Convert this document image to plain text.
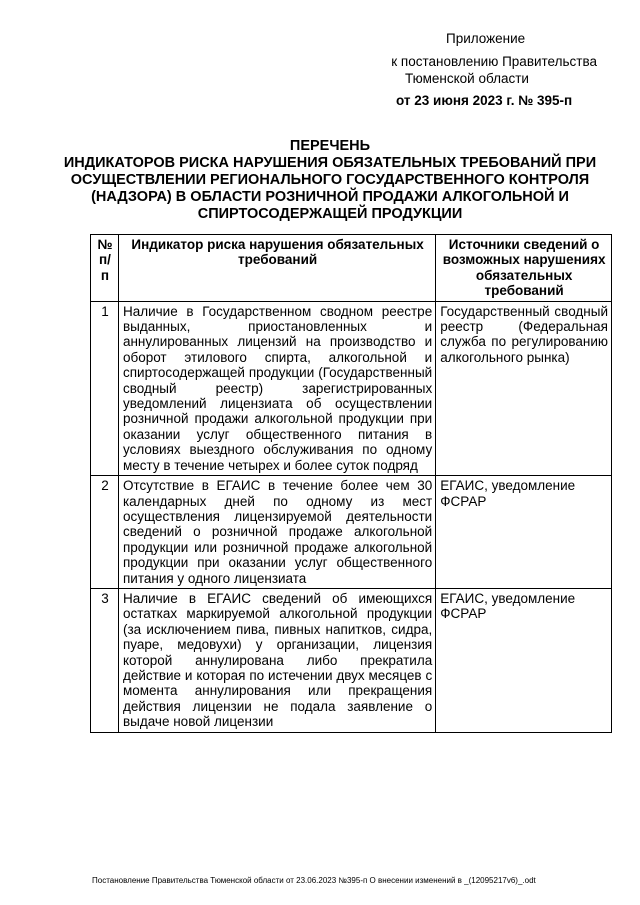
Приложение
к постановлению Правительства
Тюменской области
от 23 июня 2023 г. № 395-п
ПЕРЕЧЕНЬ
ИНДИКАТОРОВ РИСКА НАРУШЕНИЯ ОБЯЗАТЕЛЬНЫХ ТРЕБОВАНИЙ ПРИ ОСУЩЕСТВЛЕНИИ РЕГИОНАЛЬНОГО ГОСУДАРСТВЕННОГО КОНТРОЛЯ (НАДЗОРА) В ОБЛАСТИ РОЗНИЧНОЙ ПРОДАЖИ АЛКОГОЛЬНОЙ И СПИРТОСОДЕРЖАЩЕЙ ПРОДУКЦИИ
№ п/п	Индикатор риска нарушения обязательных требований	Источники сведений о возможных нарушениях обязательных требований
1	Наличие в Государственном сводном реестре выданных, приостановленных и аннулированных лицензий на производство и оборот этилового спирта, алкогольной и спиртосодержащей продукции (Государственный сводный реестр) зарегистрированных уведомлений лицензиата об осуществлении розничной продажи алкогольной продукции при оказании услуг общественного питания в условиях выездного обслуживания по одному месту в течение четырех и более суток подряд	Государственный сводный реестр (Федеральная служба по регулированию алкогольного рынка)
2	Отсутствие в ЕГАИС в течение более чем 30 календарных дней по одному из мест осуществления лицензируемой деятельности сведений о розничной продаже алкогольной продукции или розничной продаже алкогольной продукции при оказании услуг общественного питания у одного лицензиата	ЕГАИС, уведомление ФСРАР
3	Наличие в ЕГАИС сведений об имеющихся остатках маркируемой алкогольной продукции (за исключением пива, пивных напитков, сидра, пуаре, медовухи) у организации, лицензия которой аннулирована либо прекратила действие и которая по истечении двух месяцев с момента аннулирования или прекращения действия лицензии не подала заявление о выдаче новой лицензии	ЕГАИС, уведомление ФСРАР
Постановление Правительства Тюменской области от 23.06.2023 №395-п О внесении изменений в _(12095217v6)_.odt
